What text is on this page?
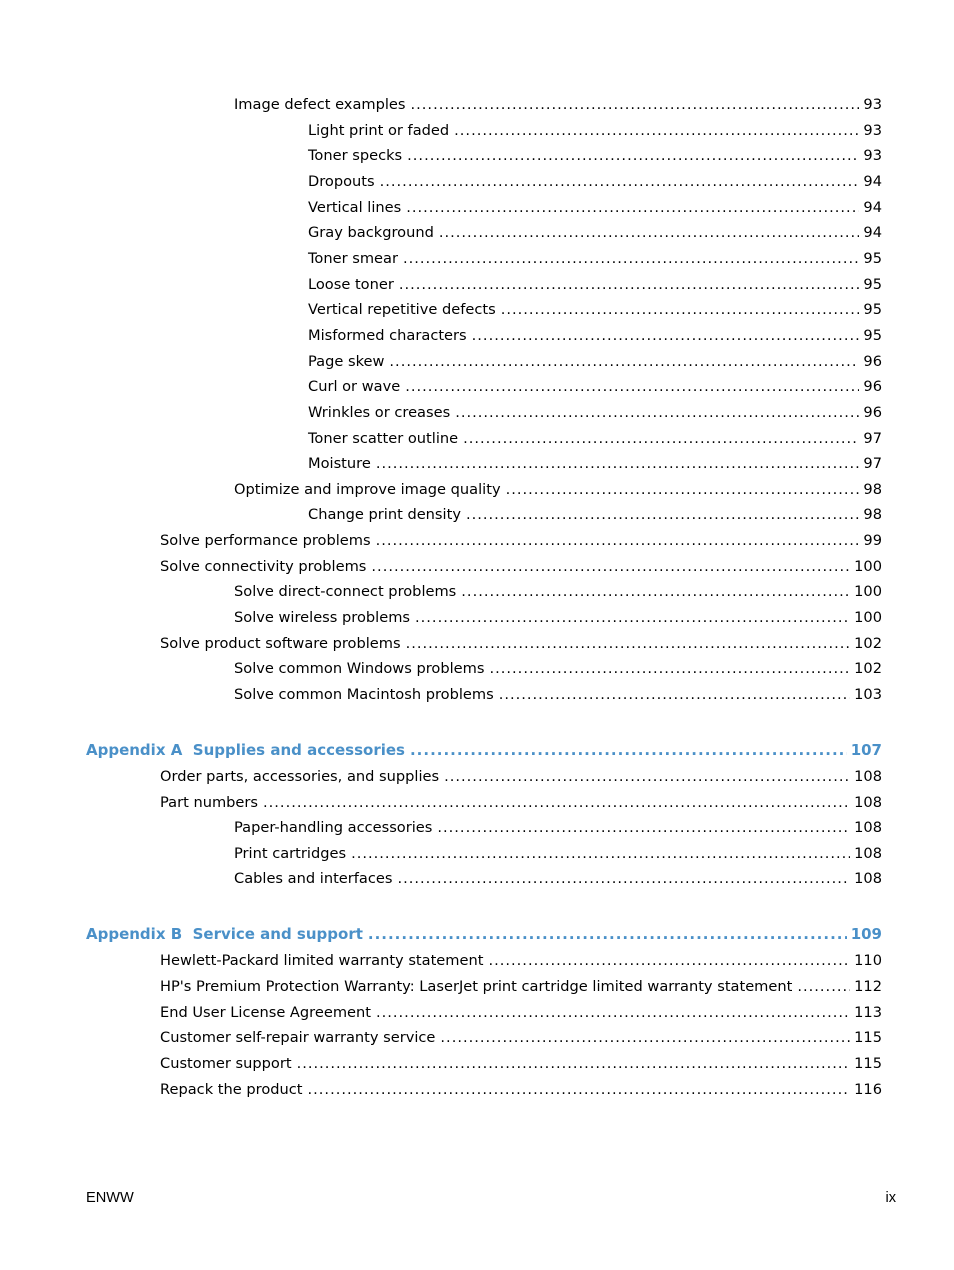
Image defect examples .....	93
Light print or faded .....	93
Toner specks .....	93
Dropouts .....	94
Vertical lines .....	94
Gray background .....	94
Toner smear .....	95
Loose toner .....	95
Vertical repetitive defects .....	95
Misformed characters .....	95
Page skew .....	96
Curl or wave .....	96
Wrinkles or creases .....	96
Toner scatter outline .....	97
Moisture .....	97
Optimize and improve image quality .....	98
Change print density .....	98
Solve performance problems .....	99
Solve connectivity problems .....	100
Solve direct-connect problems .....	100
Solve wireless problems .....	100
Solve product software problems .....	102
Solve common Windows problems .....	102
Solve common Macintosh problems .....	103
Appendix A  Supplies and accessories .....	107
Order parts, accessories, and supplies .....	108
Part numbers .....	108
Paper-handling accessories .....	108
Print cartridges .....	108
Cables and interfaces .....	108
Appendix B  Service and support .....	109
Hewlett-Packard limited warranty statement .....	110
HP's Premium Protection Warranty: LaserJet print cartridge limited warranty statement .....	112
End User License Agreement .....	113
Customer self-repair warranty service .....	115
Customer support .....	115
Repack the product .....	116
ENWW	ix
